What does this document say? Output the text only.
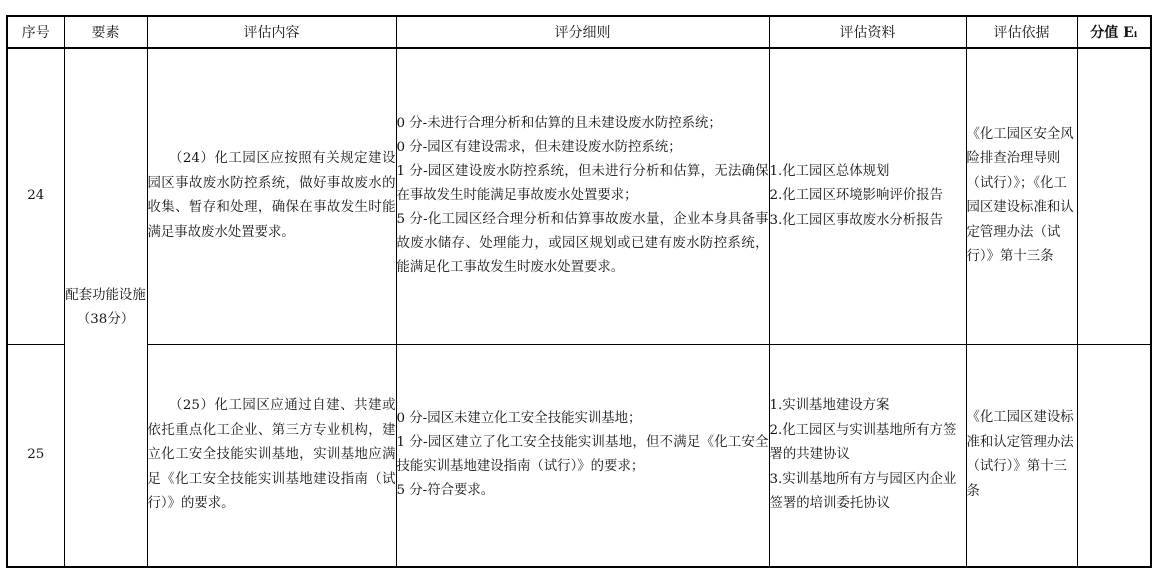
序号	要素	评估内容	评分细则	评估资料	评估依据	分值 Eᵢ
24	配套功能设施（38分）	（24）化工园区应按照有关规定建设园区事故废水防控系统，做好事故废水的收集、暂存和处理，确保在事故发生时能满足事故废水处置要求。	0 分-未进行合理分析和估算的且未建设废水防控系统；
0 分-园区有建设需求，但未建设废水防控系统；
1 分-园区建设废水防控系统，但未进行分析和估算，无法确保在事故发生时能满足事故废水处置要求；
5 分-化工园区经合理分析和估算事故废水量，企业本身具备事故废水储存、处理能力，或园区规划或已建有废水防控系统，能满足化工事故发生时废水处置要求。	1.化工园区总体规划
2.化工园区环境影响评价报告
3.化工园区事故废水分析报告	《化工园区安全风险排查治理导则（试行）》；《化工园区建设标准和认定管理办法（试行）》第十三条	
25		（25）化工园区应通过自建、共建或依托重点化工企业、第三方专业机构，建立化工安全技能实训基地，实训基地应满足《化工安全技能实训基地建设指南（试行）》的要求。	0 分-园区未建立化工安全技能实训基地；
1 分-园区建立了化工安全技能实训基地，但不满足《化工安全技能实训基地建设指南（试行）》的要求；
5 分-符合要求。	1.实训基地建设方案
2.化工园区与实训基地所有方签署的共建协议
3.实训基地所有方与园区内企业签署的培训委托协议	《化工园区建设标准和认定管理办法（试行）》第十三条	
